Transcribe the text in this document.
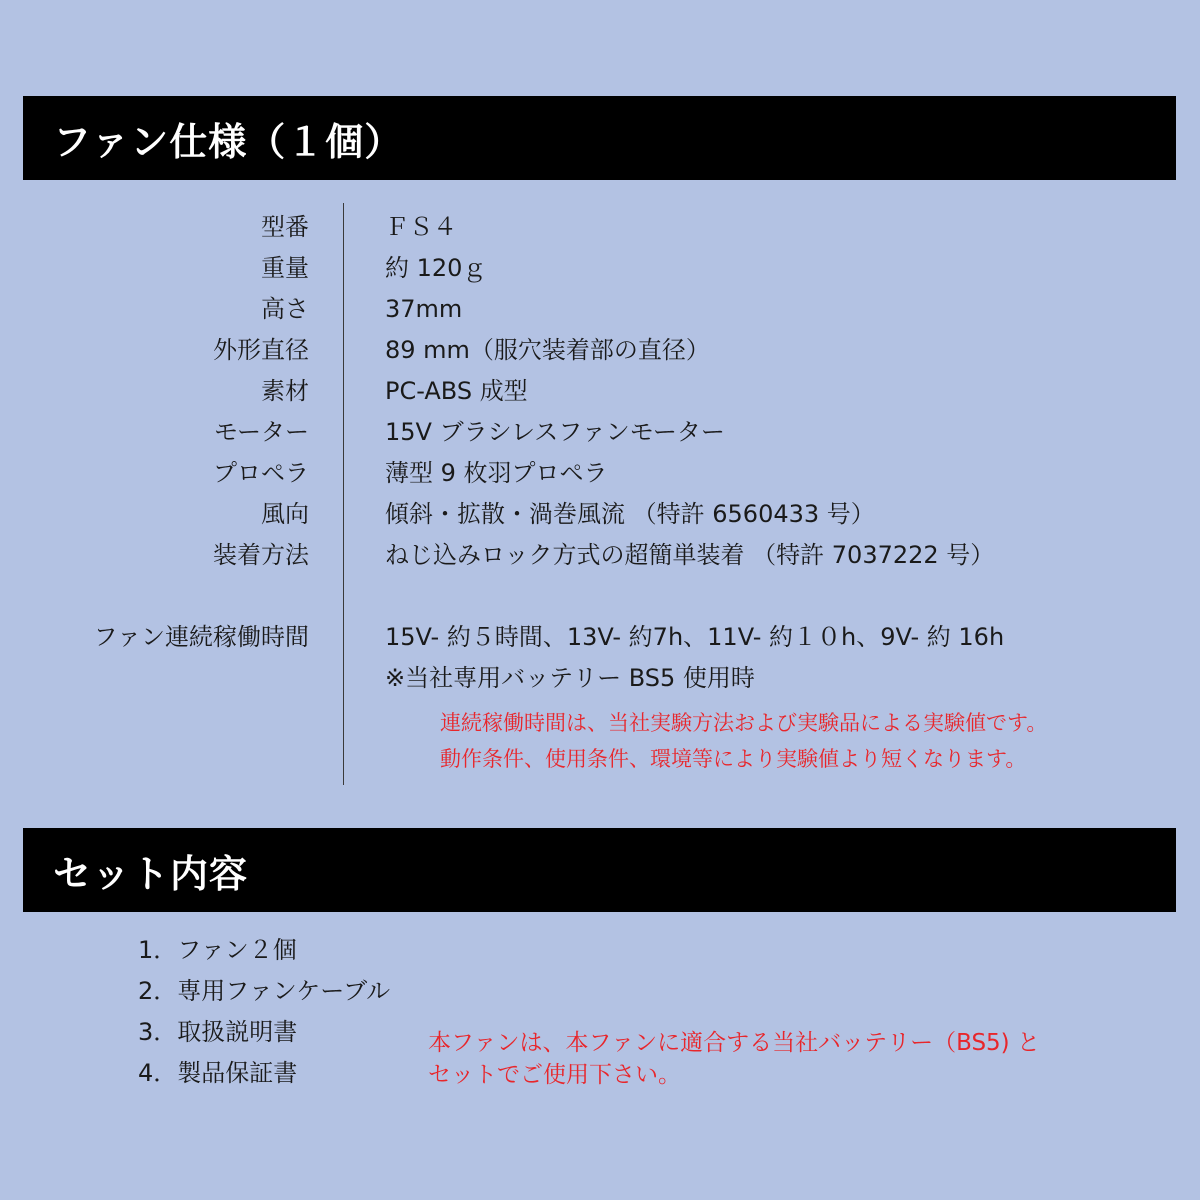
ファン仕様（１個）
型番	ＦＳ４
重量	約 120ｇ
高さ	37mm
外形直径	89 mm（服穴装着部の直径）
素材	PC-ABS 成型
モーター	15V ブラシレスファンモーター
プロペラ	薄型 9 枚羽プロペラ
風向	傾斜・拡散・渦巻風流 （特許 6560433 号）
装着方法	ねじ込みロック方式の超簡単装着 （特許 7037222 号）
ファン連続稼働時間	15V- 約５時間、13V- 約7h、11V- 約１０h、9V- 約 16h
※当社専用バッテリー BS5 使用時
連続稼働時間は、当社実験方法および実験品による実験値です。
動作条件、使用条件、環境等により実験値より短くなります。
セット内容
1．ファン２個
2．専用ファンケーブル
3．取扱説明書
4．製品保証書
本ファンは、本ファンに適合する当社バッテリー（BS5) と
セットでご使用下さい。
